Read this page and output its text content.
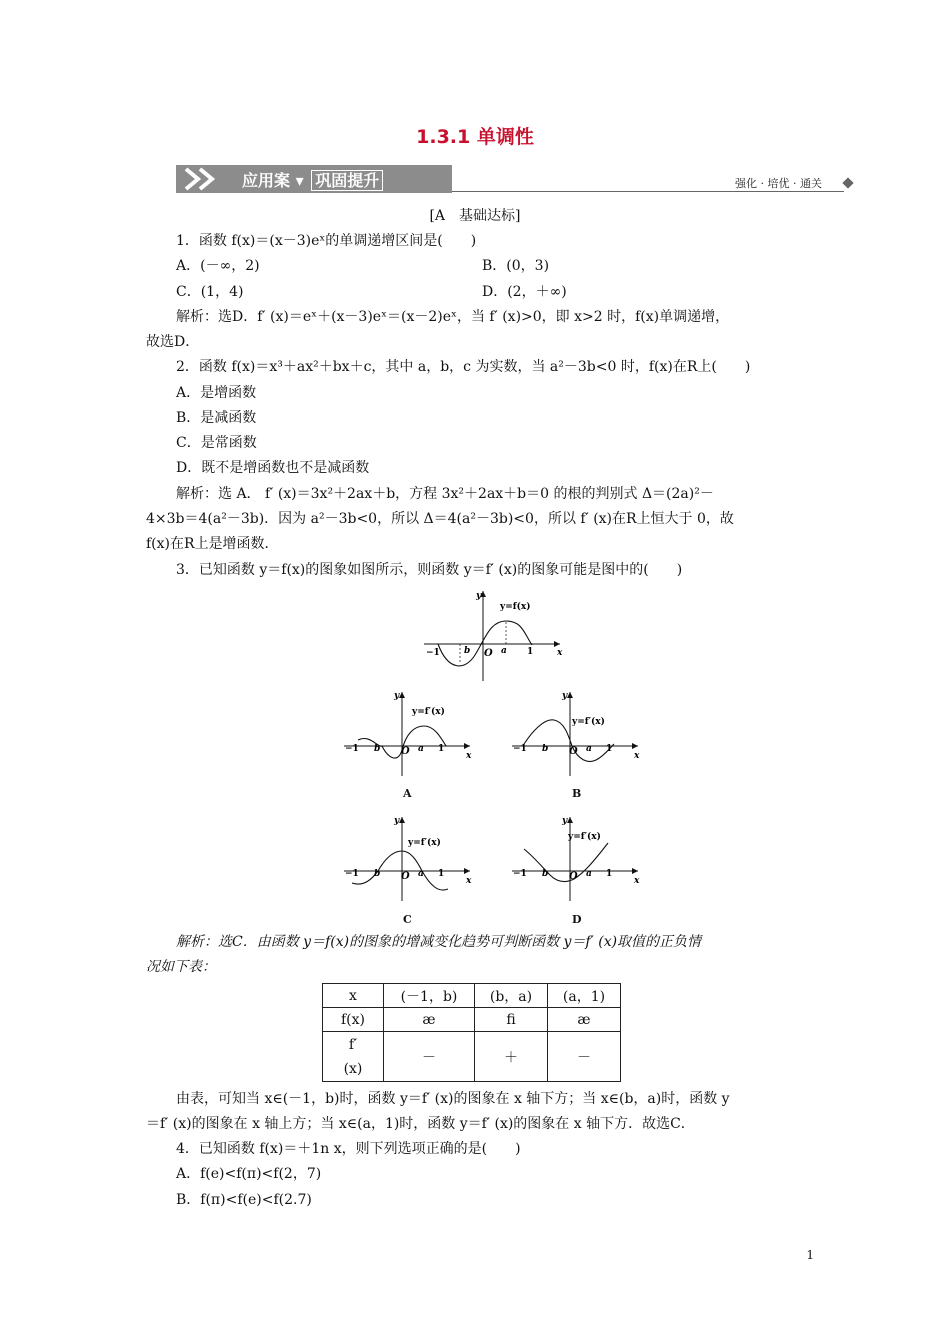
1.3.1 单调性
应用案 ▾ 巩固提升	强化 · 培优 · 通关
[A　基础达标]
1．函数 f(x)＝(x－3)eˣ的单调递增区间是(　　)
A．(－∞，2)	B．(0，3)
C．(1，4)	D．(2，＋∞)
解析：选D．f′ (x)＝eˣ＋(x－3)eˣ＝(x－2)eˣ，当 f′ (x)>0，即 x>2 时，f(x)单调递增，
故选D．
2．函数 f(x)＝x³＋ax²＋bx＋c，其中 a，b，c 为实数，当 a²－3b<0 时，f(x)在R上(　　)
A．是增函数
B．是减函数
C．是常函数
D．既不是增函数也不是减函数
解析：选 A． f′ (x)＝3x²＋2ax＋b，方程 3x²＋2ax＋b＝0 的根的判别式 Δ＝(2a)²－
4×3b＝4(a²－3b)．因为 a²－3b<0，所以 Δ＝4(a²－3b)<0，所以 f′ (x)在R上恒大于 0，故
f(x)在R上是增函数．
3．已知函数 y＝f(x)的图象如图所示，则函数 y＝f′ (x)的图象可能是图中的(　　)
y
x
−1	b O a 1
y=f(x)
y
x
−1 b O a 1
y=f′(x)
A
y
x
−1 b O a 1
y=f′(x)
B
y
x
−1 b O a 1
y=f′(x)
C
y
x
−1 b O a 1
y=f′(x)
D
解析：选C．由函数 y＝f(x)的图象的增减变化趋势可判断函数 y＝f′ (x)取值的正负情
况如下表：
x	(－1，b)	(b，a)	(a，1)
f(x)	æ	ﬁ	æ

f′
(x)	－	＋	－
由表，可知当 x∈(－1，b)时，函数 y＝f′ (x)的图象在 x 轴下方；当 x∈(b，a)时，函数 y
＝f′ (x)的图象在 x 轴上方；当 x∈(a，1)时，函数 y＝f′ (x)的图象在 x 轴下方．故选C．
4．已知函数 f(x)＝＋1n x，则下列选项正确的是(　　)
A．f(e)<f(π)<f(2，7)
B．f(π)<f(e)<f(2.7)
1
